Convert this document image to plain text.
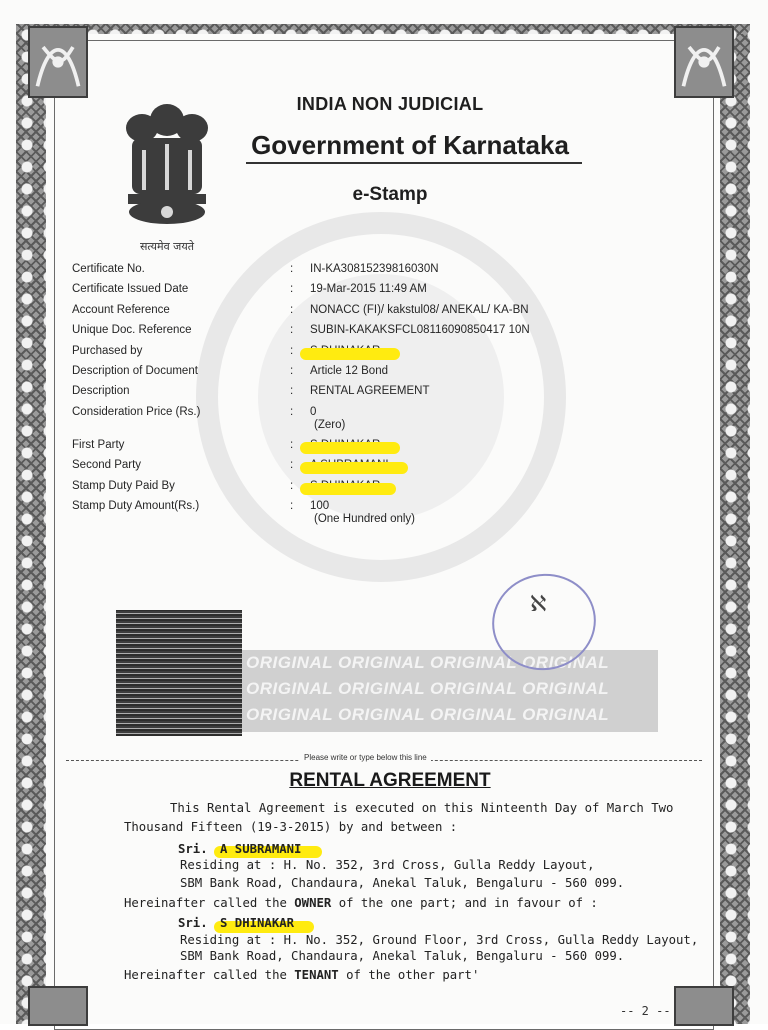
सत्यमेव जयते
INDIA NON JUDICIAL
Government of Karnataka
e-Stamp
Certificate No.	: IN-KA30815239816030N
Certificate Issued Date	: 19-Mar-2015 11:49 AM
Account Reference	: NONACC (FI)/ kakstul08/ ANEKAL/ KA-BN
Unique Doc. Reference	: SUBIN-KAKAKSFCL08116090850417 10N
Purchased by	:
Description of Document	: Article 12 Bond
Description	: RENTAL AGREEMENT
Consideration Price (Rs.)	: 0
(Zero)
First Party	:
Second Party	:
Stamp Duty Paid By	:
Stamp Duty Amount(Rs.)	: 100
(One Hundred only)
ORIGINAL ORIGINAL ORIGINAL ORIGINAL
ORIGINAL ORIGINAL ORIGINAL ORIGINAL
ORIGINAL ORIGINAL ORIGINAL ORIGINAL
ℵ
Please write or type below this line
RENTAL AGREEMENT
This Rental Agreement is executed on this Ninteenth Day of March Two
Thousand Fifteen (19-3-2015) by and between :
Sri. A SUBRAMANI
Residing at : H. No. 352, 3rd Cross, Gulla Reddy Layout,
SBM Bank Road, Chandaura, Anekal Taluk, Bengaluru - 560 099.
Hereinafter called the OWNER of the one part; and in favour of :
Sri. S DHINAKAR
Residing at : H. No. 352, Ground Floor, 3rd Cross, Gulla Reddy Layout,
SBM Bank Road, Chandaura, Anekal Taluk, Bengaluru - 560 099.
Hereinafter called the TENANT of the other part'
-- 2 --
